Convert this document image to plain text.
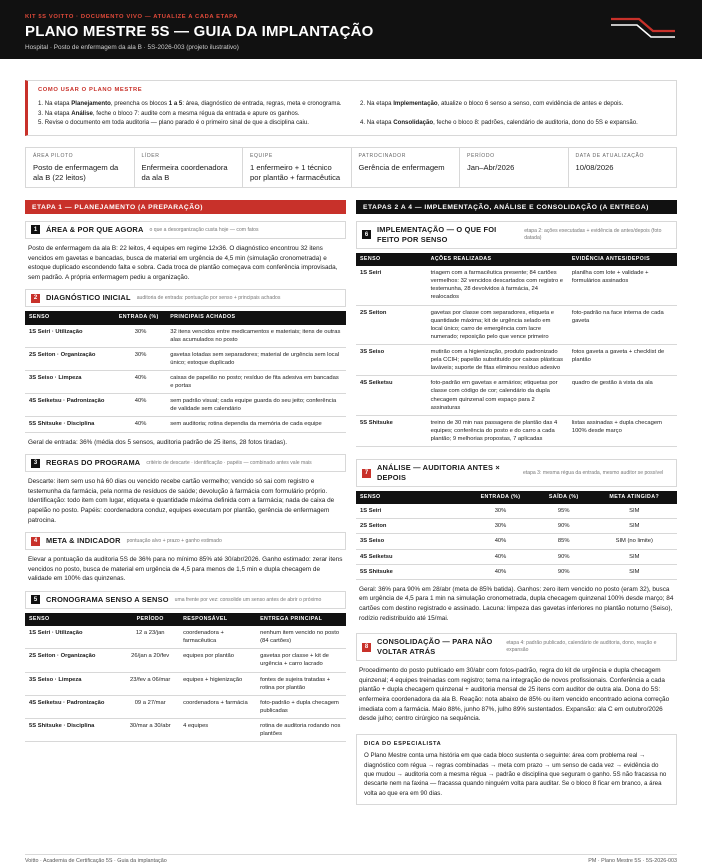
KIT 5S VOITTO · DOCUMENTO VIVO — ATUALIZE A CADA ETAPA
PLANO MESTRE 5S — GUIA DA IMPLANTAÇÃO
Hospital · Posto de enfermagem da ala B · 5S-2026-003 (projeto ilustrativo)
COMO USAR O PLANO MESTRE
1. Na etapa Planejamento, preencha os blocos 1 a 5: área, diagnóstico de entrada, regras, meta e cronograma.
3. Na etapa Análise, feche o bloco 7: audite com a mesma régua da entrada e apure os ganhos.
5. Revise o documento em toda auditoria — plano parado é o primeiro sinal de que a disciplina caiu.
2. Na etapa Implementação, atualize o bloco 6 senso a senso, com evidência de antes e depois.
4. Na etapa Consolidação, feche o bloco 8: padrões, calendário de auditoria, dono do 5S e expansão.
ÁREA PILOTO
Posto de enfermagem da ala B (22 leitos)
LÍDER
Enfermeira coordenadora da ala B
EQUIPE
1 enfermeiro + 1 técnico por plantão + farmacêutica
PATROCINADOR
Gerência de enfermagem
PERÍODO
Jan–Abr/2026
DATA DE ATUALIZAÇÃO
10/08/2026
ETAPA 1 — PLANEJAMENTO (A PREPARAÇÃO)
1	ÁREA & POR QUE AGORA o que a desorganização custa hoje — com fatos
Posto de enfermagem da ala B: 22 leitos, 4 equipes em regime 12x36. O diagnóstico encontrou 32 itens vencidos em gavetas e bancadas, busca de material em urgência de 4,5 min (simulação cronometrada) e estoque duplicado escondendo falta e sobra. Cada troca de plantão começava com conferência improvisada, sem padrão. A própria enfermagem pediu a organização.
2	DIAGNÓSTICO INICIAL auditoria de entrada: pontuação por senso + principais achados
SENSO	ENTRADA (%)	PRINCIPAIS ACHADOS
1S Seiri · Utilização	30%	32 itens vencidos entre medicamentos e materiais; itens de outras alas acumulados no posto
2S Seiton · Organização	30%	gavetas lotadas sem separadores; material de urgência sem local único; estoque duplicado
3S Seiso · Limpeza	40%	caixas de papelão no posto; resíduo de fita adesiva em bancadas e portas
4S Seiketsu · Padronização	40%	sem padrão visual; cada equipe guarda do seu jeito; conferência de validade sem calendário
5S Shitsuke · Disciplina	40%	sem auditoria; rotina dependia da memória de cada equipe
Geral de entrada: 36% (média dos 5 sensos, auditoria padrão de 25 itens, 28 fotos tiradas).
3	REGRAS DO PROGRAMA critério de descarte · identificação · papéis — combinado antes vale mais
Descarte: item sem uso há 60 dias ou vencido recebe cartão vermelho; vencido só sai com registro e testemunha da farmácia, pela norma de resíduos de saúde; devolução à farmácia com formulário próprio. Identificação: todo item com lugar, etiqueta e quantidade máxima definida com a farmácia; nada de caixa de papelão no posto. Papéis: coordenadora conduz, equipes executam por plantão, gerência de enfermagem patrocina.
4	META & INDICADOR pontuação alvo + prazo + ganho estimado
Elevar a pontuação da auditoria 5S de 36% para no mínimo 85% até 30/abr/2026. Ganho estimado: zerar itens vencidos no posto, busca de material em urgência de 4,5 para menos de 1,5 min e dupla checagem de validade em 100% das quinzenas.
5	CRONOGRAMA SENSO A SENSO uma frente por vez: consolide um senso antes de abrir o próximo
SENSO	PERÍODO	RESPONSÁVEL	ENTREGA PRINCIPAL
1S Seiri · Utilização	12 a 23/jan	coordenadora + farmacêutica	nenhum item vencido no posto (84 cartões)
2S Seiton · Organização	26/jan a 20/fev	equipes por plantão	gavetas por classe + kit de urgência + carro lacrado
3S Seiso · Limpeza	23/fev a 06/mar	equipes + higienização	fontes de sujeira tratadas + rotina por plantão
4S Seiketsu · Padronização	09 a 27/mar	coordenadora + farmácia	foto-padrão + dupla checagem publicadas
5S Shitsuke · Disciplina	30/mar a 30/abr	4 equipes	rotina de auditoria rodando nos plantões
ETAPAS 2 A 4 — IMPLEMENTAÇÃO, ANÁLISE E CONSOLIDAÇÃO (A ENTREGA)
6
IMPLEMENTAÇÃO — O QUE FOI FEITO POR SENSO
etapa 2: ações executadas + evidência de antes/depois (foto datada)
SENSO	AÇÕES REALIZADAS	EVIDÊNCIA ANTES/DEPOIS
1S Seiri	triagem com a farmacêutica presente; 84 cartões vermelhos: 32 vencidos descartados com registro e testemunha, 28 devolvidos à farmácia, 24 realocados	planilha com lote + validade + formulários assinados
2S Seiton	gavetas por classe com separadores, etiqueta e quantidade máxima; kit de urgência selado em local único; carro de emergência com lacre numerado; reposição pelo que vence primeiro	foto-padrão na face interna de cada gaveta
3S Seiso	mutirão com a higienização, produto padronizado pela CCIH; papelão substituído por caixas plásticas laváveis; suporte de fitas eliminou resíduo adesivo	fotos gaveta a gaveta + checklist de plantão
4S Seiketsu	foto-padrão em gavetas e armários; etiquetas por classe com código de cor; calendário da dupla checagem quinzenal com espaço para 2 assinaturas	quadro de gestão à vista da ala
5S Shitsuke	treino de 30 min nas passagens de plantão das 4 equipes; conferência do posto e do carro a cada plantão; 9 melhorias propostas, 7 aplicadas	listas assinadas + dupla checagem 100% desde março
7
ANÁLISE — AUDITORIA ANTES × DEPOIS
etapa 3: mesma régua da entrada, mesmo auditor se possível
SENSO	ENTRADA (%)	SAÍDA (%)	META ATINGIDA?
1S Seiri	30%	95%	SIM
2S Seiton	30%	90%	SIM
3S Seiso	40%	85%	SIM (no limite)
4S Seiketsu	40%	90%	SIM
5S Shitsuke	40%	90%	SIM
Geral: 36% para 90% em 28/abr (meta de 85% batida). Ganhos: zero item vencido no posto (eram 32), busca em urgência de 4,5 para 1 min na simulação cronometrada, dupla checagem quinzenal 100% desde março; 84 cartões com destino registrado e assinado. Lacuna: limpeza das gavetas inferiores no plantão noturno (Seiso), rodízio redistribuído até 15/mai.
8
CONSOLIDAÇÃO — PARA NÃO VOLTAR ATRÁS
etapa 4: padrão publicado, calendário de auditoria, dono, reação e expansão
Procedimento do posto publicado em 30/abr com fotos-padrão, regra do kit de urgência e dupla checagem quinzenal; 4 equipes treinadas com registro; tema na integração de novos profissionais. Conferência a cada plantão + dupla checagem quinzenal + auditoria mensal de 25 itens com auditor de outra ala. Dona do 5S: enfermeira coordenadora da ala B. Reação: nota abaixo de 85% ou item vencido encontrado aciona correção imediata com a farmácia. Maio 88%, junho 87%, julho 89% sustentados. Expansão: ala C em outubro/2026 desde julho; centro cirúrgico na sequência.
DICA DO ESPECIALISTA
O Plano Mestre conta uma história em que cada bloco sustenta o seguinte: área com problema real → diagnóstico com régua → regras combinadas → meta com prazo → um senso de cada vez → evidência do que mudou → auditoria com a mesma régua → padrão e disciplina que seguram o ganho. 5S não fracassa no descarte nem na faxina — fracassa quando ninguém volta para auditar. Se o bloco 8 ficar em branco, a área volta ao que era em 90 dias.
Voitto · Academia de Certificação 5S · Guia da implantação	PM · Plano Mestre 5S · 5S-2026-003
